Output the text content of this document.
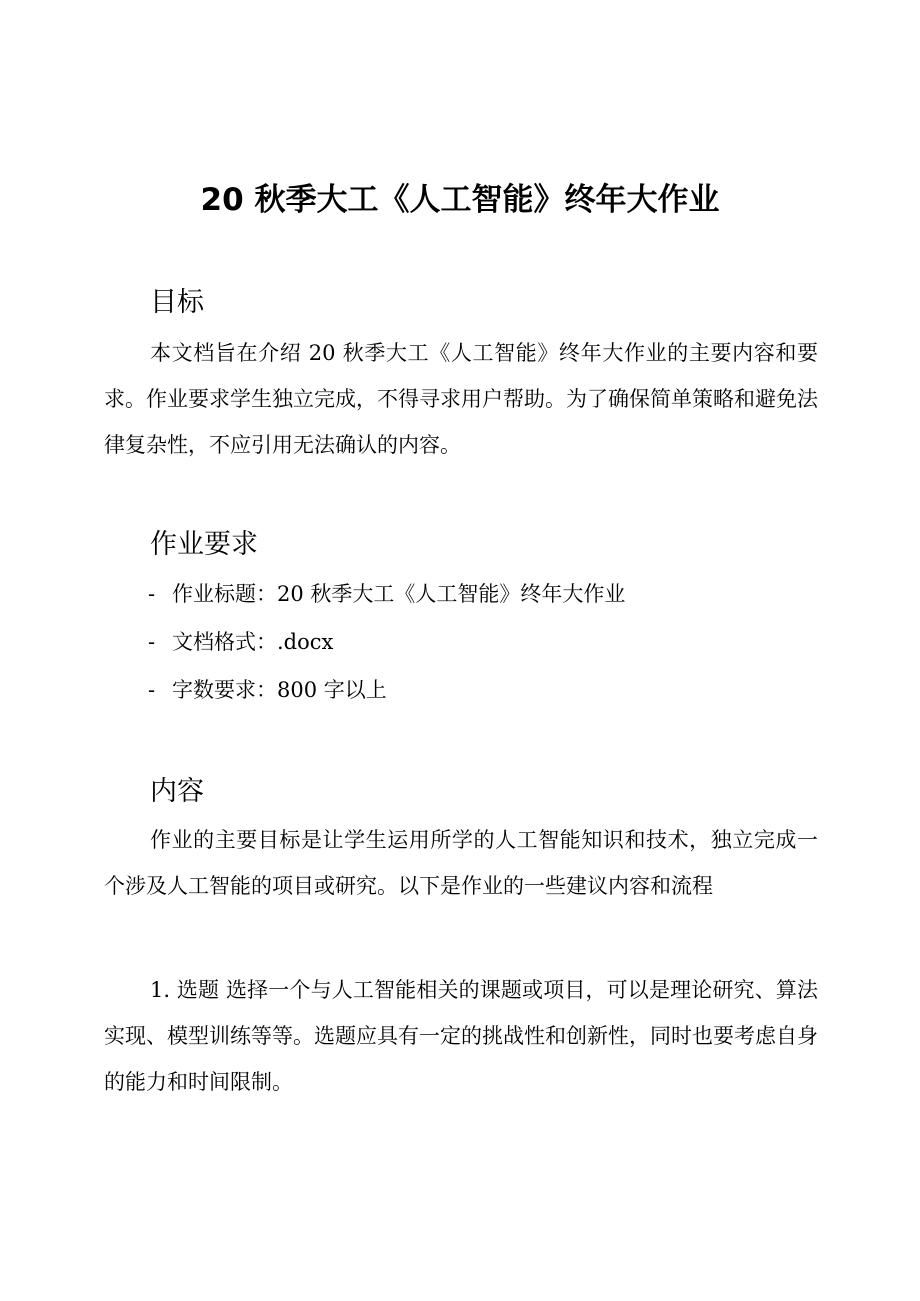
20 秋季大工《人工智能》终年大作业
目标

本文档旨在介绍 20 秋季大工《人工智能》终年大作业的主要内容和要求。作业要求学生独立完成，不得寻求用户帮助。为了确保简单策略和避免法律复杂性，不应引用无法确认的内容。

作业要求
- 作业标题：20 秋季大工《人工智能》终年大作业
- 文档格式：.docx
- 字数要求：800 字以上
内容

作业的主要目标是让学生运用所学的人工智能知识和技术，独立完成一个涉及人工智能的项目或研究。以下是作业的一些建议内容和流程

1. 选题 选择一个与人工智能相关的课题或项目，可以是理论研究、算法实现、模型训练等等。选题应具有一定的挑战性和创新性，同时也要考虑自身的能力和时间限制。
